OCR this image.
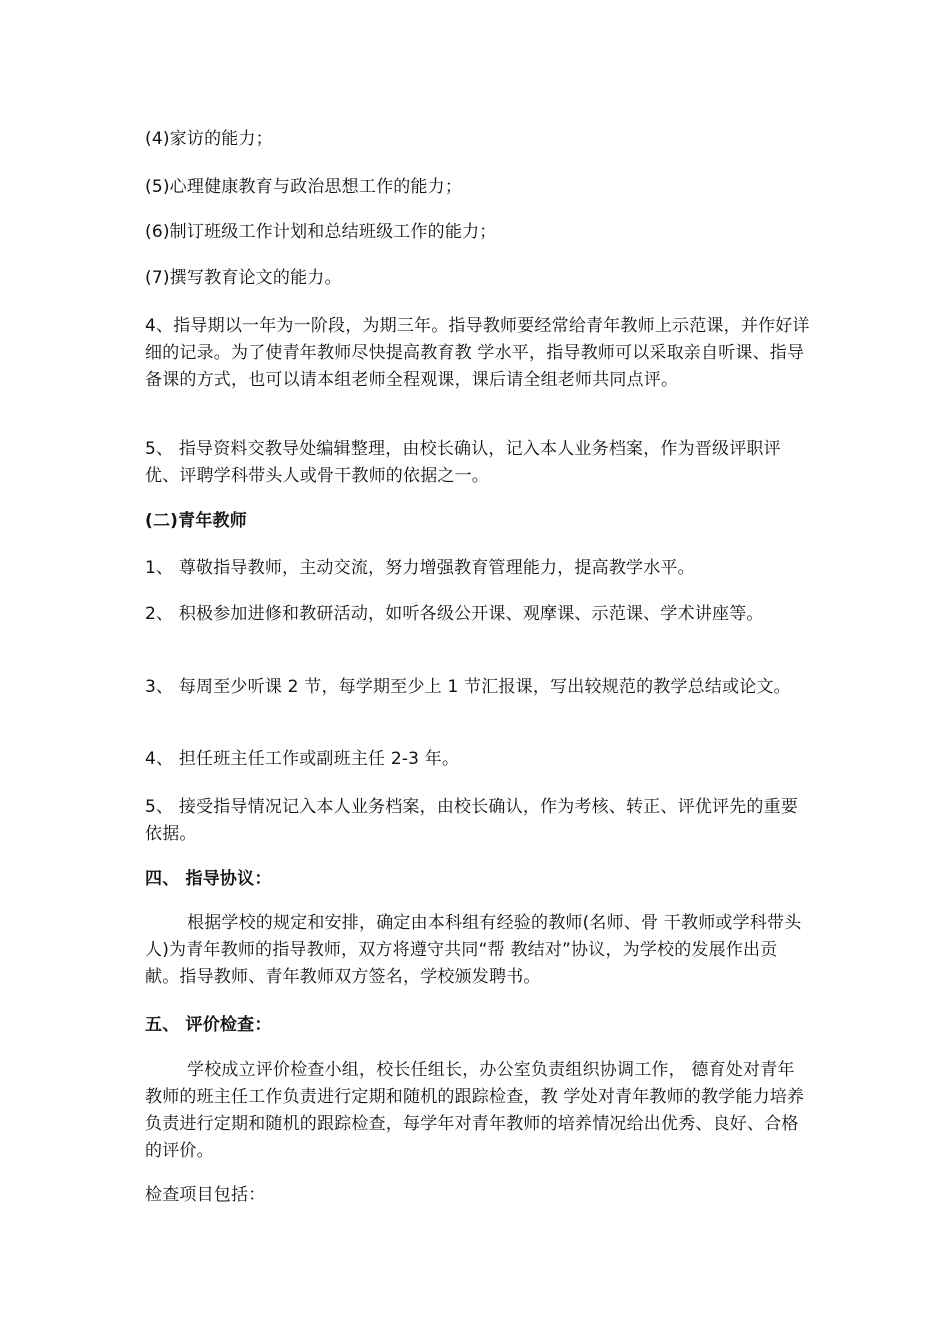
(4)家访的能力；

(5)心理健康教育与政治思想工作的能力；

(6)制订班级工作计划和总结班级工作的能力；

(7)撰写教育论文的能力。

4、指导期以一年为一阶段，为期三年。指导教师要经常给青年教师上示范课，并作好详细的记录。为了使青年教师尽快提高教育教 学水平，指导教师可以采取亲自听课、指导备课的方式，也可以请本组老师全程观课，课后请全组老师共同点评。

5、 指导资料交教导处编辑整理，由校长确认，记入本人业务档案，作为晋级评职评优、评聘学科带头人或骨干教师的依据之一。

(二)青年教师

1、 尊敬指导教师，主动交流，努力增强教育管理能力，提高教学水平。

2、 积极参加进修和教研活动，如听各级公开课、观摩课、示范课、学术讲座等。

3、 每周至少听课 2 节，每学期至少上 1 节汇报课，写出较规范的教学总结或论文。

4、 担任班主任工作或副班主任 2-3 年。

5、 接受指导情况记入本人业务档案，由校长确认，作为考核、转正、评优评先的重要依据。

四、 指导协议：

根据学校的规定和安排，确定由本科组有经验的教师(名师、骨 干教师或学科带头人)为青年教师的指导教师，双方将遵守共同“帮 教结对”协议，为学校的发展作出贡献。指导教师、青年教师双方签名，学校颁发聘书。

五、 评价检查：

学校成立评价检查小组，校长任组长，办公室负责组织协调工作， 德育处对青年教师的班主任工作负责进行定期和随机的跟踪检查，教 学处对青年教师的教学能力培养负责进行定期和随机的跟踪检查，每学年对青年教师的培养情况给出优秀、良好、合格的评价。

检查项目包括：
